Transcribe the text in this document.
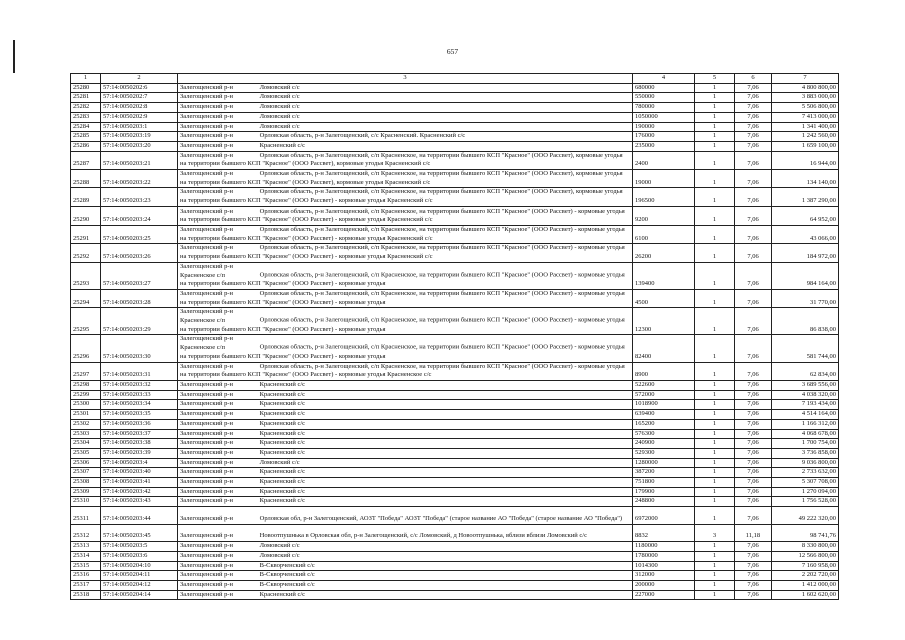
657
1	2	3	4	5	6	7
25280	57:14:0050202:6	Залегощенский р-н Ломовский с/с	680000	1	7,06	4 800 800,00
25281	57:14:0050202:7	Залегощенский р-н Ломовский с/с	550000	1	7,06	3 883 000,00
25282	57:14:0050202:8	Залегощенский р-н Ломовский с/с	780000	1	7,06	5 506 800,00
25283	57:14:0050202:9	Залегощенский р-н Ломовский с/с	1050000	1	7,06	7 413 000,00
25284	57:14:0050203:1	Залегощенский р-н Ломовский с/с	190000	1	7,06	1 341 400,00
25285	57:14:0050203:19	Залегощенский р-н Орловская область, р-н Залегощенский, с/с Красненский. Красненский с/с	176000	1	7,06	1 242 560,00
25286	57:14:0050203:20	Залегощенский р-н Красненский с/с	235000	1	7,06	1 659 100,00
25287	57:14:0050203:21	Залегощенский р-н Орловская область, р-н Залегощенский, с/п Красненское, на территории бывшего КСП "Красное" (ООО Рассвет), кормовые угодья на территории бывшего КСП "Красное" (ООО Рассвет), кормовые угодья Красненский с/с	2400	1	7,06	16 944,00
25288	57:14:0050203:22	Залегощенский р-н Орловская область, р-н Залегощенский, с/п Красненское, на территории бывшего КСП "Красное" (ООО Рассвет), кормовые угодья на территории бывшего КСП "Красное" (ООО Рассвет), кормовые угодья Красненский с/с	19000	1	7,06	134 140,00
25289	57:14:0050203:23	Залегощенский р-н Орловская область, р-н Залегощенский, с/п Красненское, на территории бывшего КСП "Красное" (ООО Рассвет), кормовые угодья на территории бывшего КСП "Красное" (ООО Рассвет) - кормовые угодья Красненский с/с	196500	1	7,06	1 387 290,00
25290	57:14:0050203:24	Залегощенский р-н Орловская область, р-н Залегощенский, с/п Красненское, на территории бывшего КСП "Красное" (ООО Рассвет) - кормовые угодья на территории бывшего КСП "Красное" (ООО Рассвет) - кормовые угодья Красненский с/с	9200	1	7,06	64 952,00
25291	57:14:0050203:25	Залегощенский р-н Орловская область, р-н Залегощенский, с/п Красненское, на территории бывшего КСП "Красное" (ООО Рассвет) - кормовые угодья на территории бывшего КСП "Красное" (ООО Рассвет) - кормовые угодья Красненский с/с	6100	1	7,06	43 066,00
25292	57:14:0050203:26	Залегощенский р-н Орловская область, р-н Залегощенский, с/п Красненское, на территории бывшего КСП "Красное" (ООО Рассвет) - кормовые угодья на территории бывшего КСП "Красное" (ООО Рассвет) - кормовые угодья Красненский с/с	26200	1	7,06	184 972,00
25293	57:14:0050203:27	Залегощенский р-н Красненское с/п Орловская область, р-н Залегощенский, с/п Красненское, на территории бывшего КСП "Красное" (ООО Рассвет) - кормовые угодья на территории бывшего КСП "Красное" (ООО Рассвет) - кормовые угодья	139400	1	7,06	984 164,00
25294	57:14:0050203:28	Залегощенский р-н Орловская область, р-н Залегощенский, с/п Красненское, на территории бывшего КСП "Красное" (ООО Рассвет) - кормовые угодья на территории бывшего КСП "Красное" (ООО Рассвет) - кормовые угодья	4500	1	7,06	31 770,00
25295	57:14:0050203:29	Залегощенский р-н Красненское с/п Орловская область, р-н Залегощенский, с/п Красненское, на территории бывшего КСП "Красное" (ООО Рассвет) - кормовые угодья на территории бывшего КСП "Красное" (ООО Рассвет) - кормовые угодья	12300	1	7,06	86 838,00
25296	57:14:0050203:30	Залегощенский р-н Красненское с/п Орловская область, р-н Залегощенский, с/п Красненское, на территории бывшего КСП "Красное" (ООО Рассвет) - кормовые угодья на территории бывшего КСП "Красное" (ООО Рассвет) - кормовые угодья	82400	1	7,06	581 744,00
25297	57:14:0050203:31	Залегощенский р-н Орловская область, р-н Залегощенский, с/п Красненское, на территории бывшего КСП "Красное" (ООО Рассвет) - кормовые угодья на территории бывшего КСП "Красное" (ООО Рассвет) - кормовые угодья Красненское с/с	8900	1	7,06	62 834,00
25298	57:14:0050203:32	Залегощенский р-н Красненский с/с	522600	1	7,06	3 689 556,00
25299	57:14:0050203:33	Залегощенский р-н Красненский с/с	572000	1	7,06	4 038 320,00
25300	57:14:0050203:34	Залегощенский р-н Красненский с/с	1018900	1	7,06	7 193 434,00
25301	57:14:0050203:35	Залегощенский р-н Красненский с/с	639400	1	7,06	4 514 164,00
25302	57:14:0050203:36	Залегощенский р-н Красненский с/с	165200	1	7,06	1 166 312,00
25303	57:14:0050203:37	Залегощенский р-н Красненский с/с	576300	1	7,06	4 068 678,00
25304	57:14:0050203:38	Залегощенский р-н Красненский с/с	240900	1	7,06	1 700 754,00
25305	57:14:0050203:39	Залегощенский р-н Красненский с/с	529300	1	7,06	3 736 858,00
25306	57:14:0050203:4	Залегощенский р-н Ломовский с/с	1280000	1	7,06	9 036 800,00
25307	57:14:0050203:40	Залегощенский р-н Красненский с/с	387200	1	7,06	2 733 632,00
25308	57:14:0050203:41	Залегощенский р-н Красненский с/с	751800	1	7,06	5 307 708,00
25309	57:14:0050203:42	Залегощенский р-н Красненский с/с	179900	1	7,06	1 270 094,00
25310	57:14:0050203:43	Залегощенский р-н Красненский с/с	248800	1	7,06	1 756 528,00
25311	57:14:0050203:44	Залегощенский р-н Орловская обл, р-н Залегощенский, АОЗТ "Победа" АОЗТ "Победа" (старое название АО "Победа" (старое название АО "Победа")	6972000	1	7,06	49 222 320,00
25312	57:14:0050203:45	Залегощенский р-н Новоотпушнька в Орловская обл, р-н Залегощенский, с/с Ломовский, д Новоотпушнька, вблизи вблизи Ломовский с/с	8832	3	11,18	98 741,76
25313	57:14:0050203:5	Залегощенский р-н Ломовский с/с	1180000	1	7,06	8 330 800,00
25314	57:14:0050203:6	Залегощенский р-н Ломовский с/с	1780000	1	7,06	12 566 800,00
25315	57:14:0050204:10	Залегощенский р-н В-Скворченский с/с	1014300	1	7,06	7 160 958,00
25316	57:14:0050204:11	Залегощенский р-н В-Скворченский с/с	312000	1	7,06	2 202 720,00
25317	57:14:0050204:12	Залегощенский р-н В-Скворченский с/с	200000	1	7,06	1 412 000,00
25318	57:14:0050204:14	Залегощенский р-н Красненский с/с	227000	1	7,06	1 602 620,00
